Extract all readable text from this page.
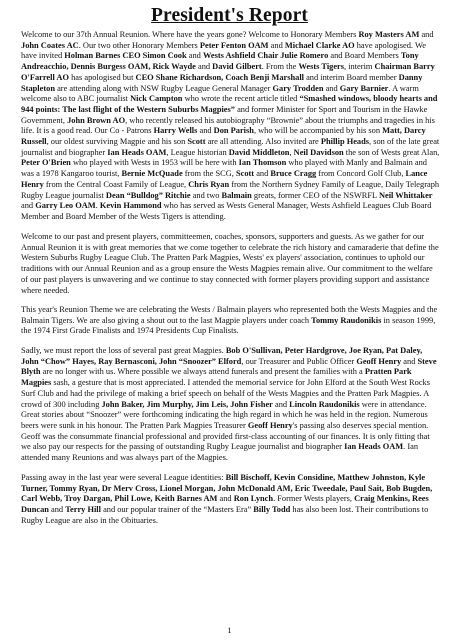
President's Report
Welcome to our 37th Annual Reunion. Where have the years gone? Welcome to Honorary Members Roy Masters AM and John Coates AC. Our two other Honorary Members Peter Fenton OAM and Michael Clarke AO have apologised. We have invited Holman Barnes CEO Simon Cook and Wests Ashfield Chair Julie Romero and Board Members Tony Andreacchio, Dennis Burgess OAM, Rick Wayde and David Gilbert. From the Wests Tigers, interim Chairman Barry O'Farrell AO has apologised but CEO Shane Richardson, Coach Benji Marshall and interim Board member Danny Stapleton are attending along with NSW Rugby League General Manager Gary Trodden and Gary Barnier. A warm welcome also to ABC journalist Nick Campton who wrote the recent article titled “Smashed windows, bloody hearts and 944 points: The last flight of the Western Suburbs Magpies” and former Minister for Sport and Tourism in the Hawke Government, John Brown AO, who recently released his autobiography “Brownie” about the triumphs and tragedies in his life. It is a good read. Our Co - Patrons Harry Wells and Don Parish, who will be accompanied by his son Matt, Darcy Russell, our oldest surviving Magpie and his son Scott are all attending. Also invited are Phillip Heads, son of the late great journalist and biographer Ian Heads OAM, League historian David Middleton, Neil Davidson the son of Wests great Alan, Peter O'Brien who played with Wests in 1953 will be here with Ian Thomson who played with Manly and Balmain and was a 1978 Kangaroo tourist, Bernie McQuade from the SCG, Scott and Bruce Cragg from Concord Golf Club, Lance Henry from the Central Coast Family of League, Chris Ryan from the Northern Sydney Family of League, Daily Telegraph Rugby League journalist Dean “Bulldog” Ritchie and two Balmain greats, former CEO of the NSWRFL Neil Whittaker and Garry Leo OAM. Kevin Hammond who has served as Wests General Manager, Wests Ashfield Leagues Club Board Member and Board Member of the Wests Tigers is attending.
Welcome to our past and present players, committeemen, coaches, sponsors, supporters and guests. As we gather for our Annual Reunion it is with great memories that we come together to celebrate the rich history and camaraderie that define the Western Suburbs Rugby League Club. The Pratten Park Magpies, Wests' ex players' association, continues to uphold our traditions with our Annual Reunion and as a group ensure the Wests Magpies remain alive. Our commitment to the welfare of our past players is unwavering and we continue to stay connected with former players providing support and assistance where needed.
This year's Reunion Theme we are celebrating the Wests / Balmain players who represented both the Wests Magpies and the Balmain Tigers. We are also giving a shout out to the last Magpie players under coach Tommy Raudonikis in season 1999, the 1974 First Grade Finalists and 1974 Presidents Cup Finalists.
Sadly, we must report the loss of several past great Magpies. Bob O'Sullivan, Peter Hardgrove, Joe Ryan, Pat Daley, John “Chow” Hayes, Ray Bernasconi, John “Snoozer” Elford, our Treasurer and Public Officer Geoff Henry and Steve Blyth are no longer with us. Where possible we always attend funerals and present the families with a Pratten Park Magpies sash, a gesture that is most appreciated. I attended the memorial service for John Elford at the South West Rocks Surf Club and had the privilege of making a brief speech on behalf of the Wests Magpies and the Pratten Park Magpies. A crowd of 300 including John Baker, Jim Murphy, Jim Leis, John Fisher and Lincoln Raudonikis were in attendance. Great stories about “Snoozer” were forthcoming indicating the high regard in which he was held in the region. Numerous beers were sunk in his honour. The Pratten Park Magpies Treasurer Geoff Henry's passing also deserves special mention. Geoff was the consummate financial professional and provided first-class accounting of our finances. It is only fitting that we also pay our respects for the passing of outstanding Rugby League journalist and biographer Ian Heads OAM. Ian attended many Reunions and was always part of the Magpies.
Passing away in the last year were several League identities: Bill Bischoff, Kevin Considine, Matthew Johnston, Kyle Turner, Tommy Ryan, Dr Merv Cross, Lionel Morgan, John McDonald AM, Eric Tweedale, Paul Sait, Bob Bugden, Carl Webb, Troy Dargan, Phil Lowe, Keith Barnes AM and Ron Lynch. Former Wests players, Craig Menkins, Rees Duncan and Terry Hill and our popular trainer of the “Masters Era” Billy Todd has also been lost. Their contributions to Rugby League are also in the Obituaries.
1
